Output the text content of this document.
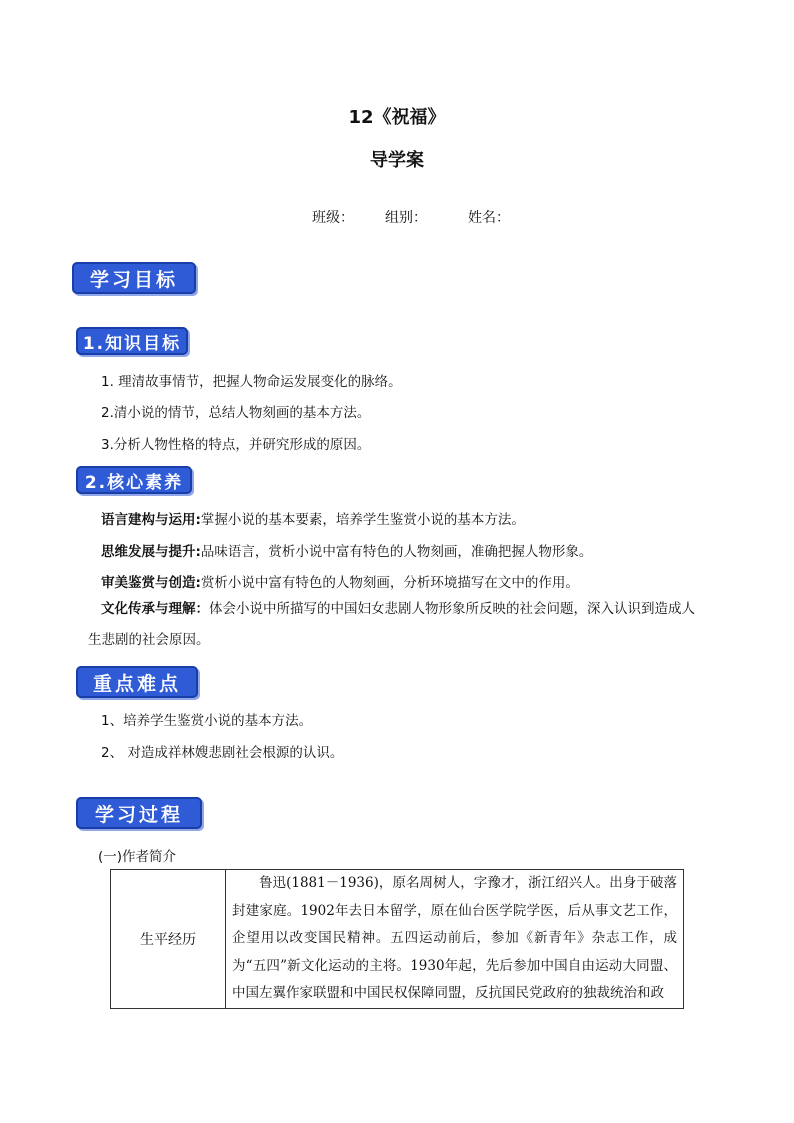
12《祝福》
导学案
班级： 组别：	姓名：
学习目标
1.知识目标
1. 理清故事情节，把握人物命运发展变化的脉络。
2.清小说的情节，总结人物刻画的基本方法。
3.分析人物性格的特点，并研究形成的原因。
2.核心素养
语言建构与运用:掌握小说的基本要素，培养学生鉴赏小说的基本方法。
思维发展与提升:品味语言，赏析小说中富有特色的人物刻画，准确把握人物形象。
审美鉴赏与创造:赏析小说中富有特色的人物刻画，分析环境描写在文中的作用。
文化传承与理解：体会小说中所描写的中国妇女悲剧人物形象所反映的社会问题，深入认识到造成人生悲剧的社会原因。
重点难点
1、培养学生鉴赏小说的基本方法。
2、 对造成祥林嫂悲剧社会根源的认识。
学习过程
(一)作者简介
生平经历	鲁迅(1881－1936)，原名周树人，字豫才，浙江绍兴人。出身于破落封建家庭。1902年去日本留学，原在仙台医学院学医，后从事文艺工作，企望用以改变国民精神。五四运动前后，参加《新青年》杂志工作，成为“五四”新文化运动的主将。1930年起，先后参加中国自由运动大同盟、中国左翼作家联盟和中国民权保障同盟，反抗国民党政府的独裁统治和政
